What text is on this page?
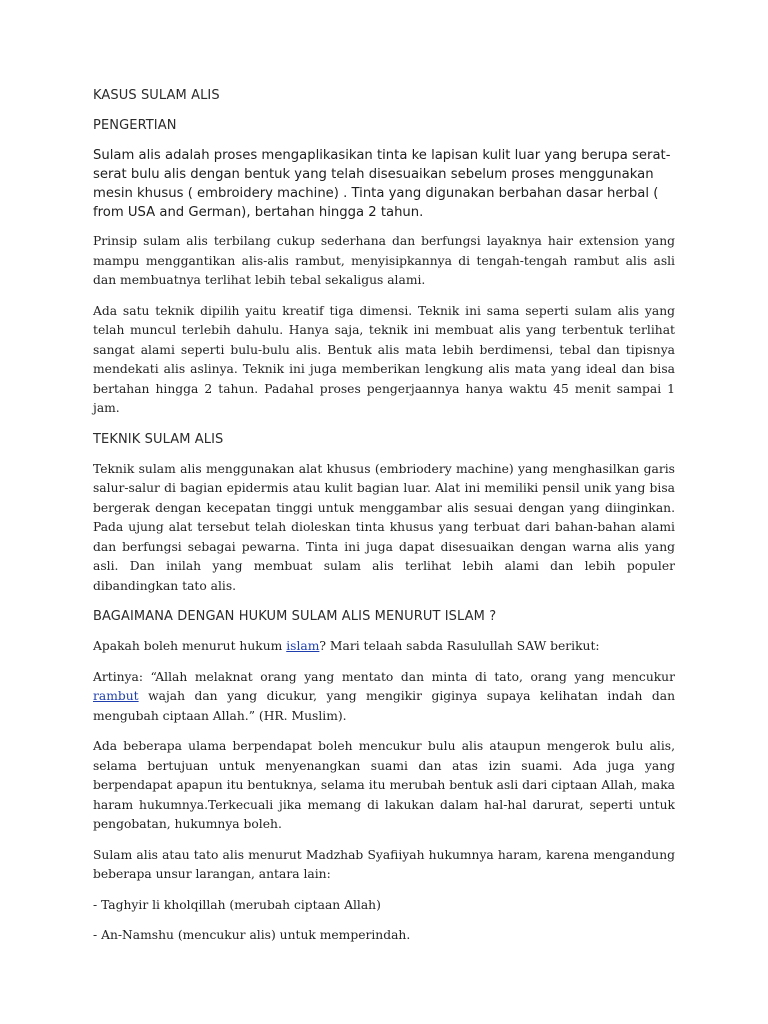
KASUS SULAM ALIS

PENGERTIAN

Sulam alis adalah proses mengaplikasikan tinta ke lapisan kulit luar yang berupa serat-serat bulu alis dengan bentuk yang telah disesuaikan sebelum proses menggunakan mesin khusus ( embroidery machine) . Tinta yang digunakan berbahan dasar herbal ( from USA and German), bertahan hingga 2 tahun.

Prinsip sulam alis terbilang cukup sederhana dan berfungsi layaknya hair extension yang mampu menggantikan alis-alis rambut, menyisipkannya di tengah-tengah rambut alis asli dan membuatnya terlihat lebih tebal sekaligus alami.

Ada satu teknik dipilih yaitu kreatif tiga dimensi. Teknik ini sama seperti sulam alis yang telah muncul terlebih dahulu. Hanya saja, teknik ini membuat alis yang terbentuk terlihat sangat alami seperti bulu-bulu alis. Bentuk alis mata lebih berdimensi, tebal dan tipisnya mendekati alis aslinya. Teknik ini juga memberikan lengkung alis mata yang ideal dan bisa bertahan hingga 2 tahun. Padahal proses pengerjaannya hanya waktu 45 menit sampai 1 jam.

TEKNIK SULAM ALIS

Teknik sulam alis menggunakan alat khusus (embriodery machine) yang menghasilkan garis salur-salur di bagian epidermis atau kulit bagian luar. Alat ini memiliki pensil unik yang bisa bergerak dengan kecepatan tinggi untuk menggambar alis sesuai dengan yang diinginkan. Pada ujung alat tersebut telah dioleskan tinta khusus yang terbuat dari bahan-bahan alami dan berfungsi sebagai pewarna. Tinta ini juga dapat disesuaikan dengan warna alis yang asli. Dan inilah yang membuat sulam alis terlihat lebih alami dan lebih populer dibandingkan tato alis.

BAGAIMANA DENGAN HUKUM SULAM ALIS MENURUT ISLAM ?

Apakah boleh menurut hukum islam? Mari telaah sabda Rasulullah SAW berikut:

Artinya: “Allah melaknat orang yang mentato dan minta di tato, orang yang mencukur rambut wajah dan yang dicukur, yang mengikir giginya supaya kelihatan indah dan mengubah ciptaan Allah.” (HR. Muslim).

Ada beberapa ulama berpendapat boleh mencukur bulu alis ataupun mengerok bulu alis, selama bertujuan untuk menyenangkan suami dan atas izin suami. Ada juga yang berpendapat apapun itu bentuknya, selama itu merubah bentuk asli dari ciptaan Allah, maka haram hukumnya.Terkecuali jika memang di lakukan dalam hal-hal darurat, seperti untuk pengobatan, hukumnya boleh.

Sulam alis atau tato alis menurut Madzhab Syafiiyah hukumnya haram, karena mengandung beberapa unsur larangan, antara lain:

- Taghyir li kholqillah (merubah ciptaan Allah)

- An-Namshu (mencukur alis) untuk memperindah.
